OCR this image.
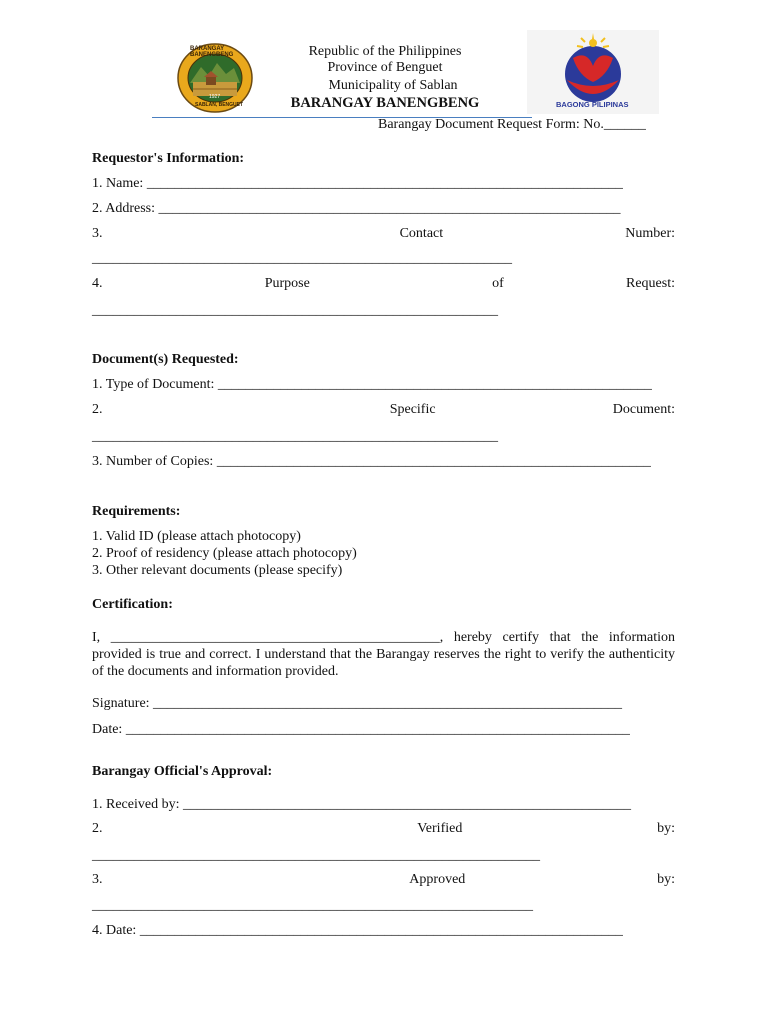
BARANGAY BANENGBENG
1927
SABLAN, BENGUET
Republic of the Philippines
Province of Benguet
Municipality of Sablan
BARANGAY BANENGBENG	BAGONG PILIPINAS
Barangay Document Request Form: No.______
Requestor's Information:
1. Name: ____________________________________________________________________
2. Address: __________________________________________________________________
3.	Contact	Number:
____________________________________________________________
4.	Purpose	of	Request:
__________________________________________________________
Document(s) Requested:
1. Type of Document: ______________________________________________________________
2.	Specific	Document:
__________________________________________________________
3. Number of Copies: ______________________________________________________________
Requirements:
1. Valid ID (please attach photocopy)
2. Proof of residency (please attach photocopy)
3. Other relevant documents (please specify)
Certification:
I, _______________________________________________, hereby certify that the information provided is true and correct. I understand that the Barangay reserves the right to verify the authenticity of the documents and information provided.
Signature: ___________________________________________________________________
Date: ________________________________________________________________________
Barangay Official's Approval:
1. Received by: ________________________________________________________________
2.	Verified	by:
________________________________________________________________
3.	Approved	by:
_______________________________________________________________
4. Date: _____________________________________________________________________
